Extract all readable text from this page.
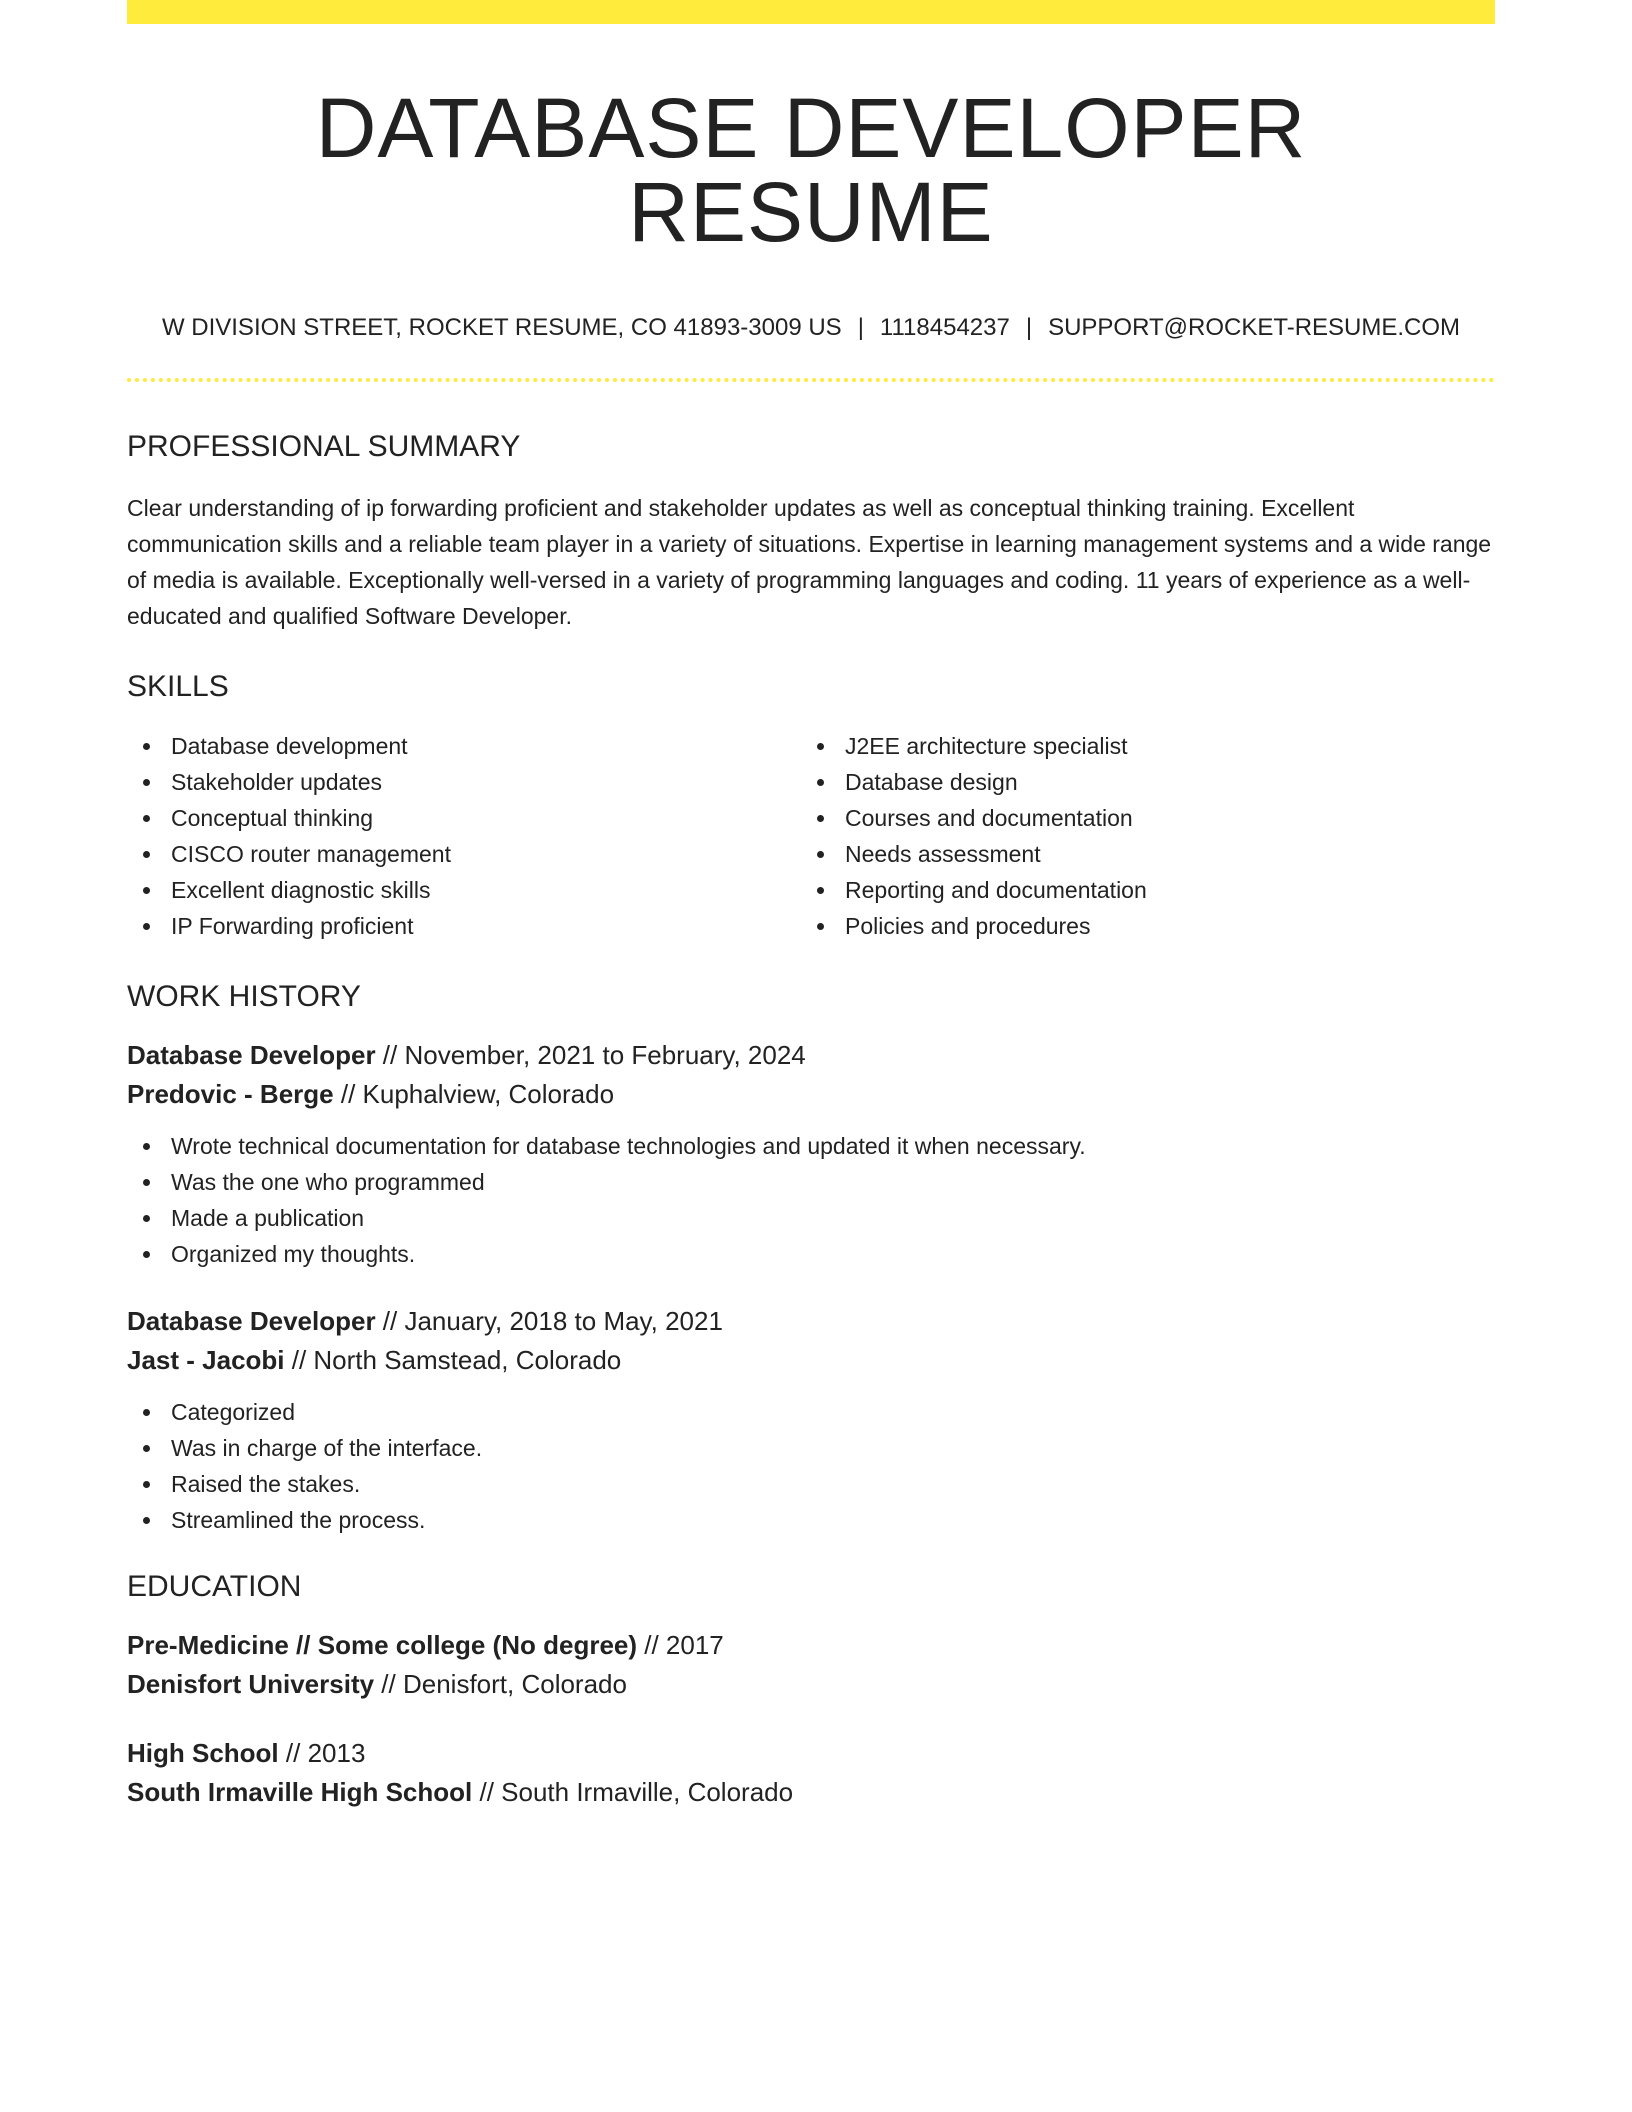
DATABASE DEVELOPER RESUME
W DIVISION STREET, ROCKET RESUME, CO 41893-3009 US | 1118454237 | SUPPORT@ROCKET-RESUME.COM
PROFESSIONAL SUMMARY
Clear understanding of ip forwarding proficient and stakeholder updates as well as conceptual thinking training. Excellent communication skills and a reliable team player in a variety of situations. Expertise in learning management systems and a wide range of media is available. Exceptionally well-versed in a variety of programming languages and coding. 11 years of experience as a well-educated and qualified Software Developer.
SKILLS
Database development
Stakeholder updates
Conceptual thinking
CISCO router management
Excellent diagnostic skills
IP Forwarding proficient
J2EE architecture specialist
Database design
Courses and documentation
Needs assessment
Reporting and documentation
Policies and procedures
WORK HISTORY
Database Developer // November, 2021 to February, 2024
Predovic - Berge // Kuphalview, Colorado
Wrote technical documentation for database technologies and updated it when necessary.
Was the one who programmed
Made a publication
Organized my thoughts.
Database Developer // January, 2018 to May, 2021
Jast - Jacobi // North Samstead, Colorado
Categorized
Was in charge of the interface.
Raised the stakes.
Streamlined the process.
EDUCATION
Pre-Medicine // Some college (No degree) // 2017
Denisfort University // Denisfort, Colorado
High School // 2013
South Irmaville High School // South Irmaville, Colorado
